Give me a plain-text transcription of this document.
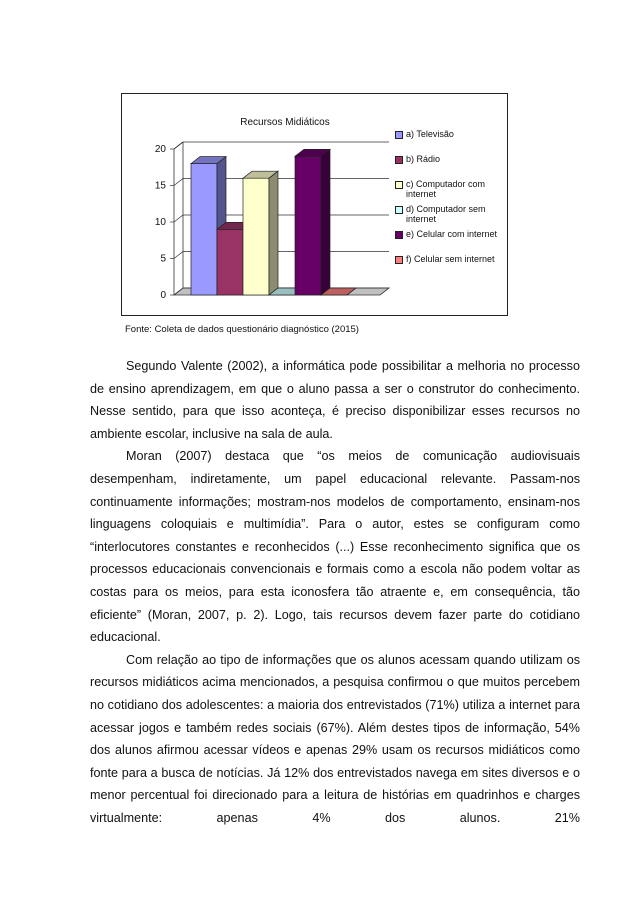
Recursos Midiáticos
0
5
10
15
20
a) Televisão
b) Rádio
c) Computador com internet
d) Computador sem internet
e) Celular com internet
f) Celular sem internet
Fonte: Coleta de dados questionário diagnóstico (2015)

Segundo Valente (2002), a informática pode possibilitar a melhoria no processo de ensino aprendizagem, em que o aluno passa a ser o construtor do conhecimento. Nesse sentido, para que isso aconteça, é preciso disponibilizar esses recursos no ambiente escolar, inclusive na sala de aula.

Moran (2007) destaca que “os meios de comunicação audiovisuais desempenham, indiretamente, um papel educacional relevante. Passam-nos continuamente informações; mostram-nos modelos de comportamento, ensinam-nos linguagens coloquiais e multimídia”. Para o autor, estes se configuram como “interlocutores constantes e reconhecidos (...) Esse reconhecimento significa que os processos educacionais convencionais e formais como a escola não podem voltar as costas para os meios, para esta iconosfera tão atraente e, em consequência, tão eficiente” (Moran, 2007, p. 2). Logo, tais recursos devem fazer parte do cotidiano educacional.

Com relação ao tipo de informações que os alunos acessam quando utilizam os recursos midiáticos acima mencionados, a pesquisa confirmou o que muitos percebem no cotidiano dos adolescentes: a maioria dos entrevistados (71%) utiliza a internet para acessar jogos e também redes sociais (67%). Além destes tipos de informação, 54% dos alunos afirmou acessar vídeos e apenas 29% usam os recursos midiáticos como fonte para a busca de notícias. Já 12% dos entrevistados navega em sites diversos e o menor percentual foi direcionado para a leitura de histórias em quadrinhos e charges virtualmente: apenas 4% dos alunos. 21%
